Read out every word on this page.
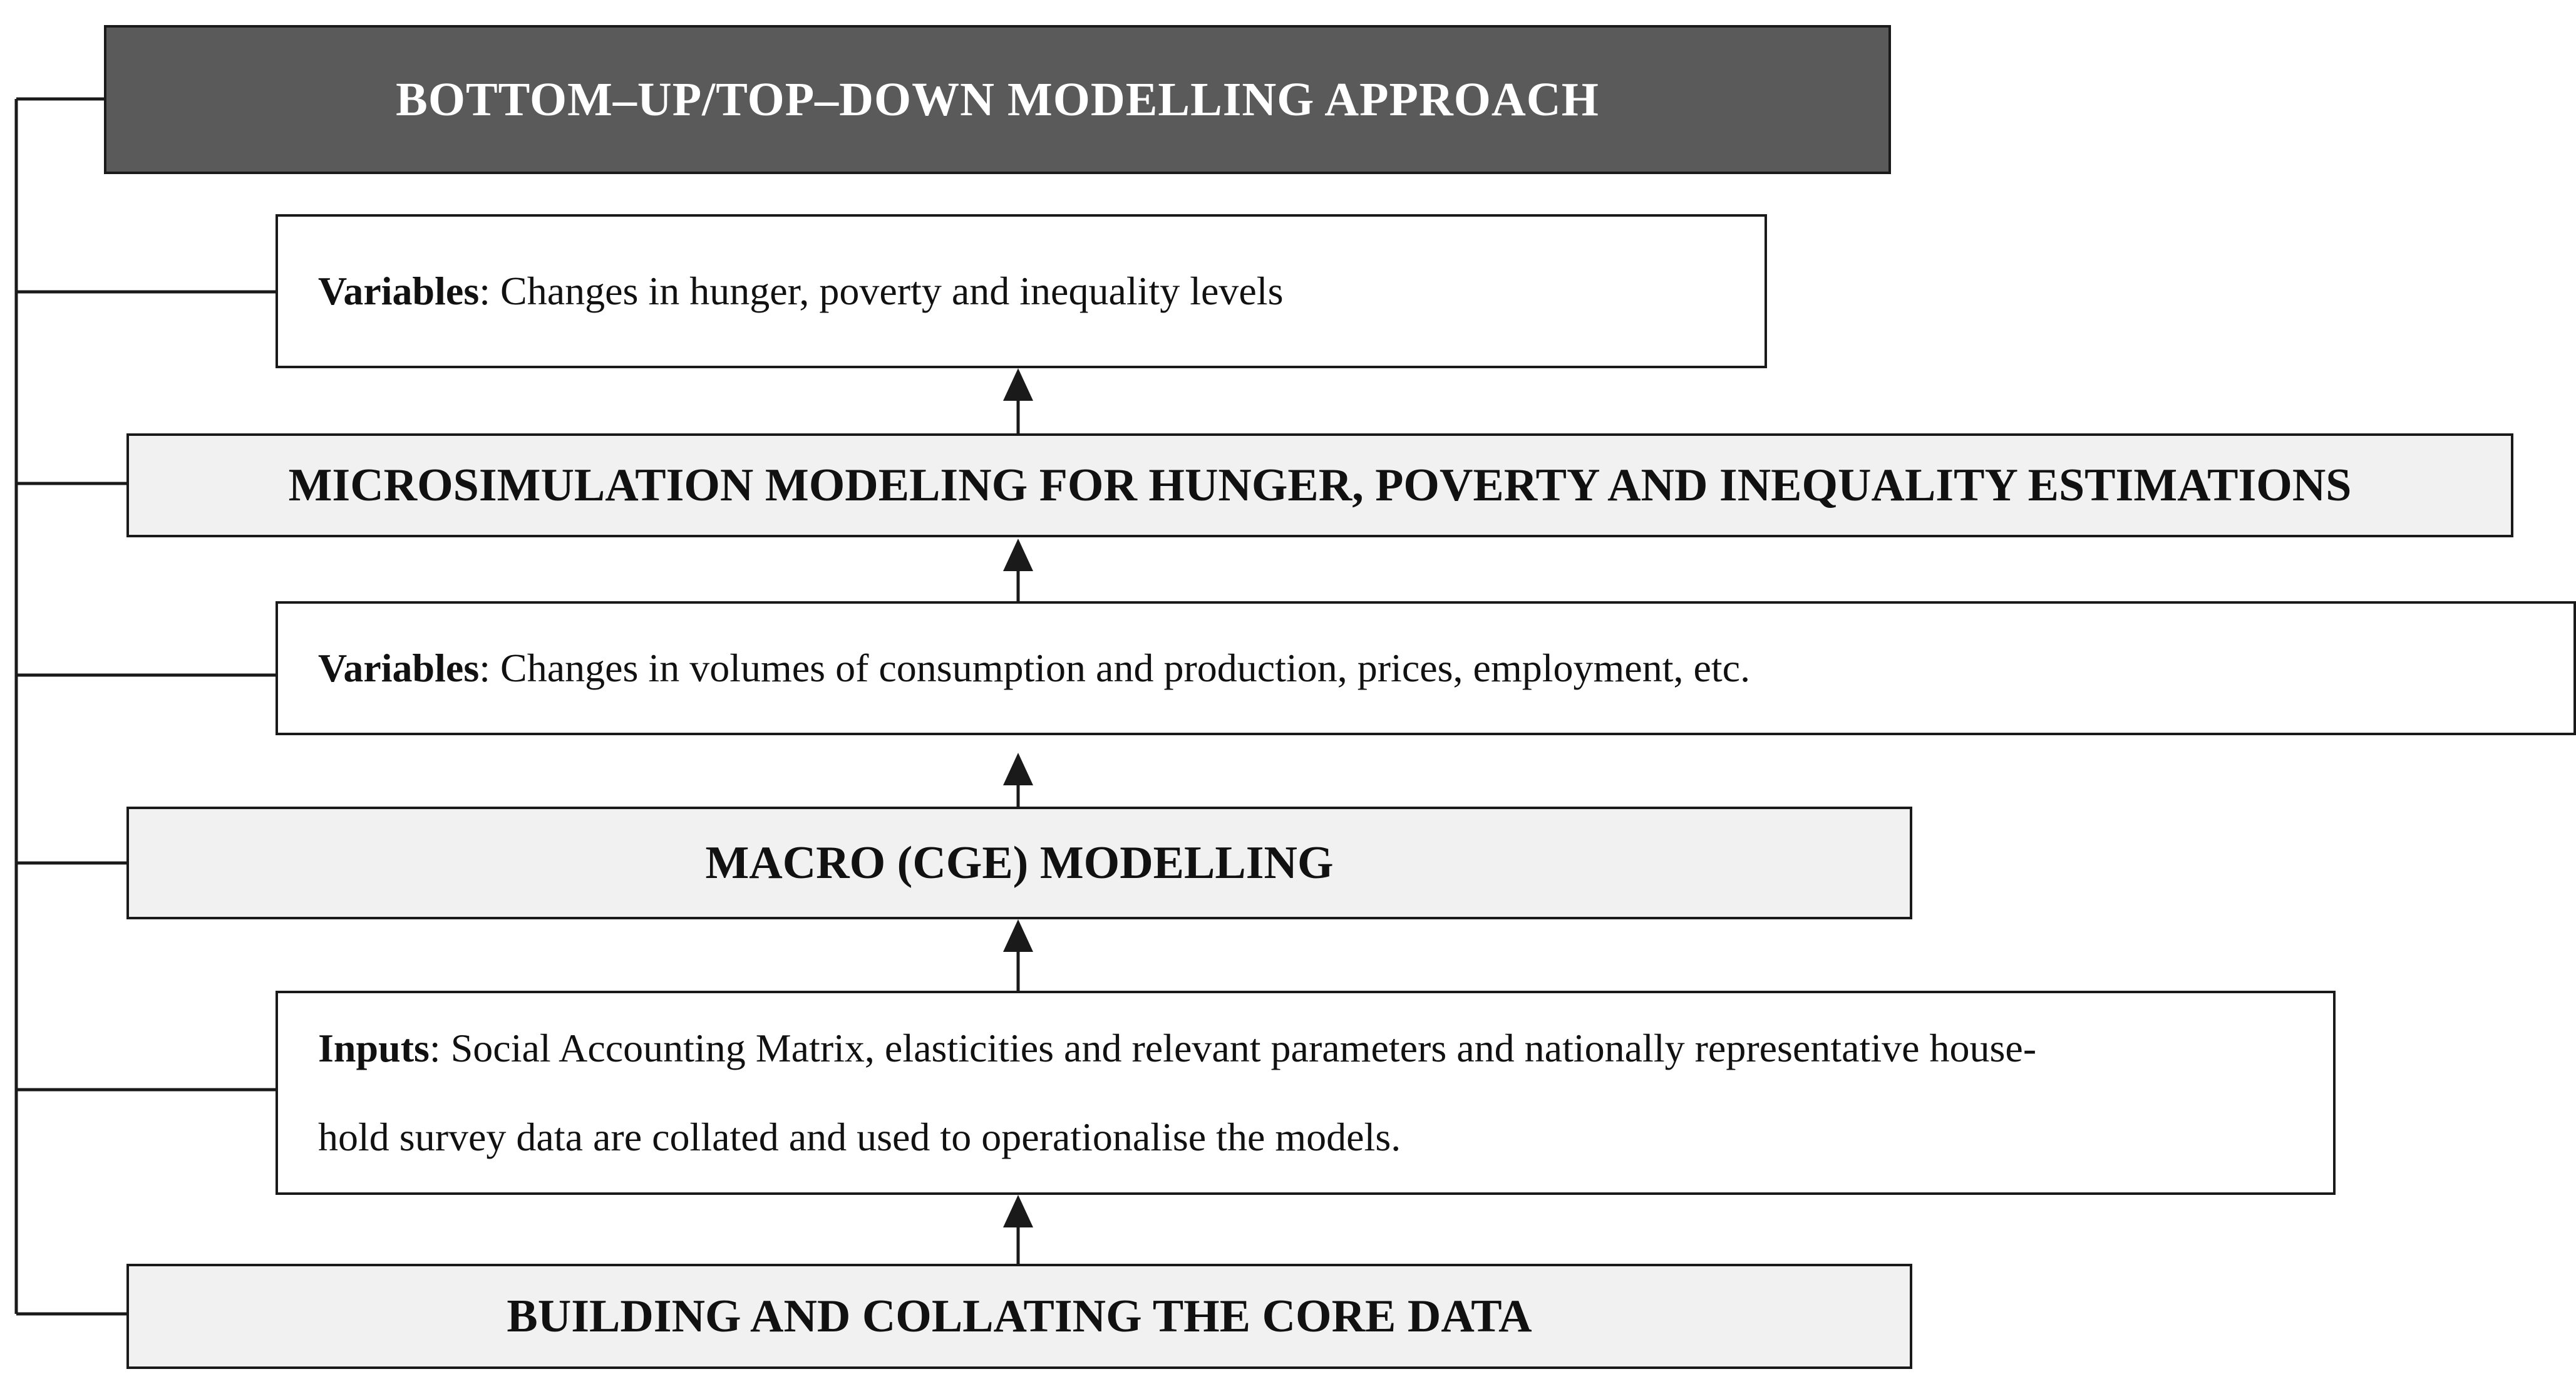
BOTTOM–UP/TOP–DOWN MODELLING APPROACH
Variables: Changes in hunger, poverty and inequality levels
MICROSIMULATION MODELING FOR HUNGER, POVERTY AND INEQUALITY ESTIMATIONS
Variables: Changes in volumes of consumption and production, prices, employment, etc.
MACRO (CGE) MODELLING
Inputs: Social Accounting Matrix, elasticities and relevant parameters and nationally representative house-
hold survey data are collated and used to operationalise the models.
BUILDING AND COLLATING THE CORE DATA
